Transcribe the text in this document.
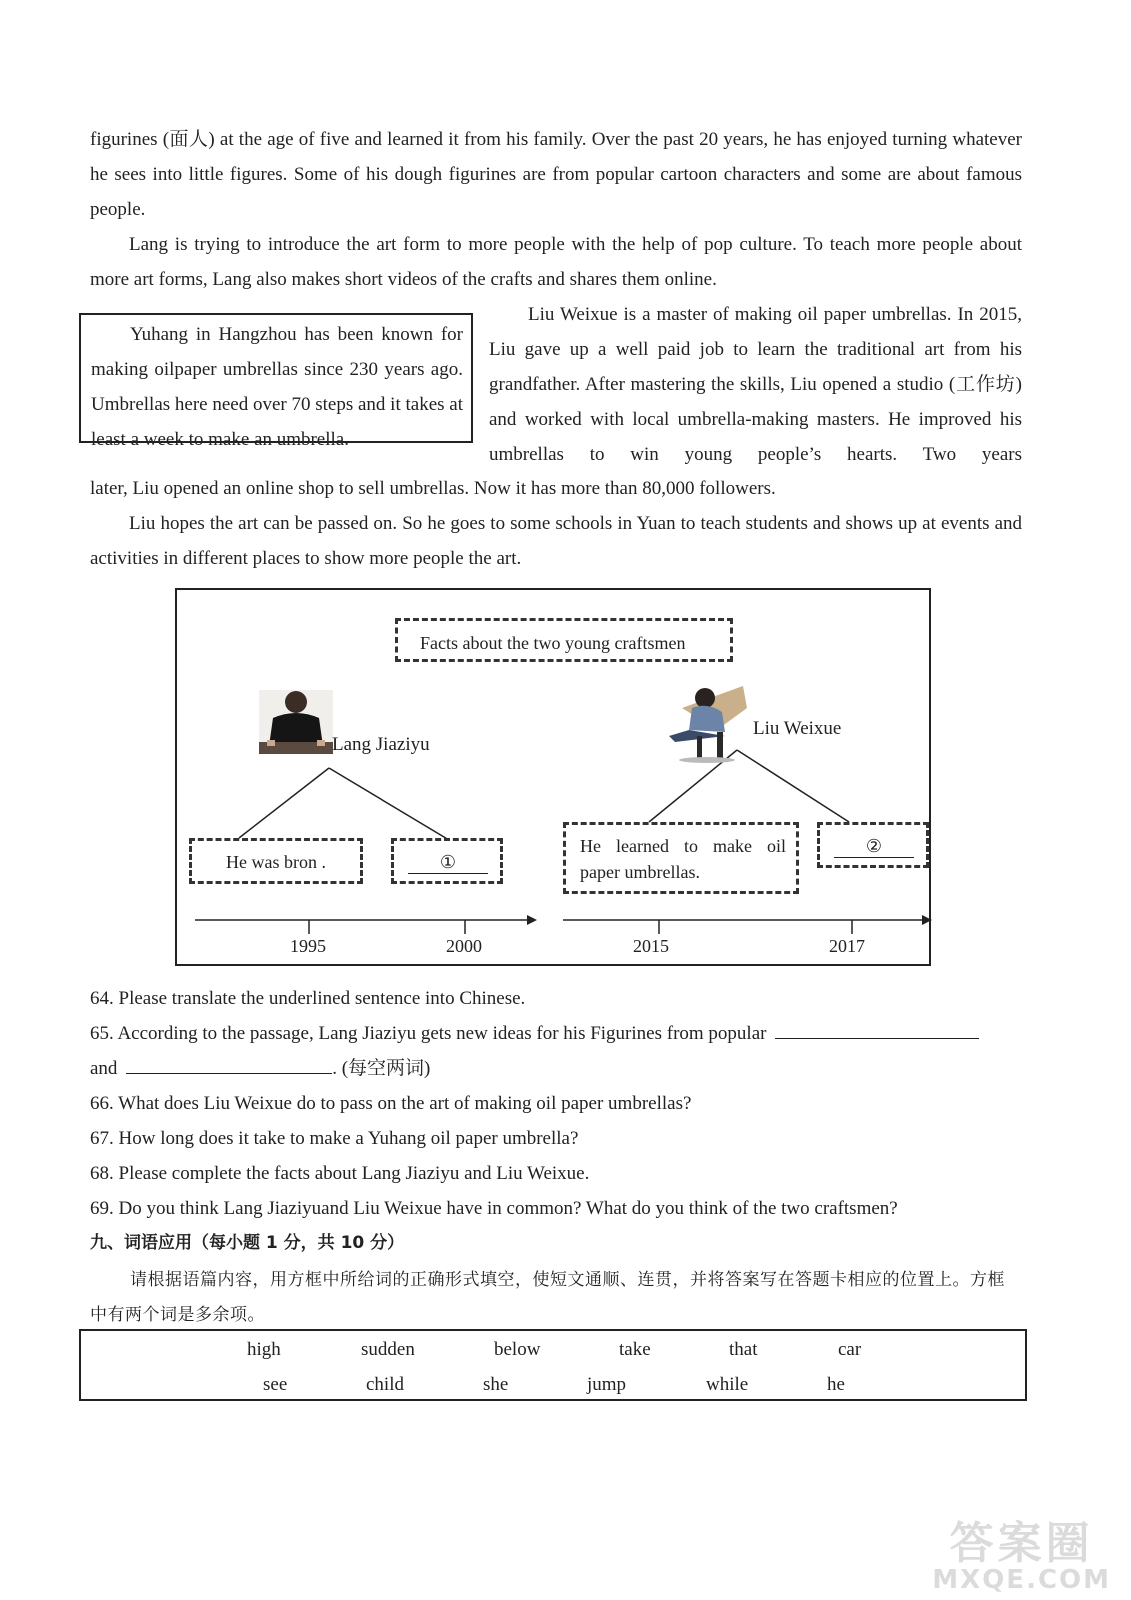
figurines (面人) at the age of five and learned it from his family. Over the past 20 years, he has enjoyed turning whatever he sees into little figures. Some of his dough figurines are from popular cartoon characters and some are about famous people.
Lang is trying to introduce the art form to more people with the help of pop culture. To teach more people about more art forms, Lang also makes short videos of the crafts and shares them online.
Yuhang in Hangzhou has been known for making oilpaper umbrellas since 230 years ago. Umbrellas here need over 70 steps and it takes at least a week to make an umbrella.
Liu Weixue is a master of making oil paper umbrellas. In 2015, Liu gave up a well paid job to learn the traditional art from his grandfather. After mastering the skills, Liu opened a studio (工作坊) and worked with local umbrella-making masters. He improved his umbrellas to win young people’s hearts. Two years
later, Liu opened an online shop to sell umbrellas. Now it has more than 80,000 followers.
Liu hopes the art can be passed on. So he goes to some schools in Yuan to teach students and shows up at events and activities in different places to show more people the art.
Facts about the two young craftsmen
Lang Jiaziyu
Liu Weixue
He was bron .	①
He learned to make oil paper umbrellas.
②
1995	2000	2015	2017
64. Please translate the underlined sentence into Chinese.
65. According to the passage, Lang Jiaziyu gets new ideas for his Figurines from popular
and	. (每空两词)
66. What does Liu Weixue do to pass on the art of making oil paper umbrellas?
67. How long does it take to make a Yuhang oil paper umbrella?
68. Please complete the facts about Lang Jiaziyu and Liu Weixue.
69. Do you think Lang Jiaziyuand Liu Weixue have in common? What do you think of the two craftsmen?
九、词语应用（每小题 1 分，共 10 分）
请根据语篇内容，用方框中所给词的正确形式填空，使短文通顺、连贯，并将答案写在答题卡相应的位置上。方框中有两个词是多余项。
high	sudden	below	take	that	car
see	child	she	jump	while	he
答案圈
MXQE.COM
